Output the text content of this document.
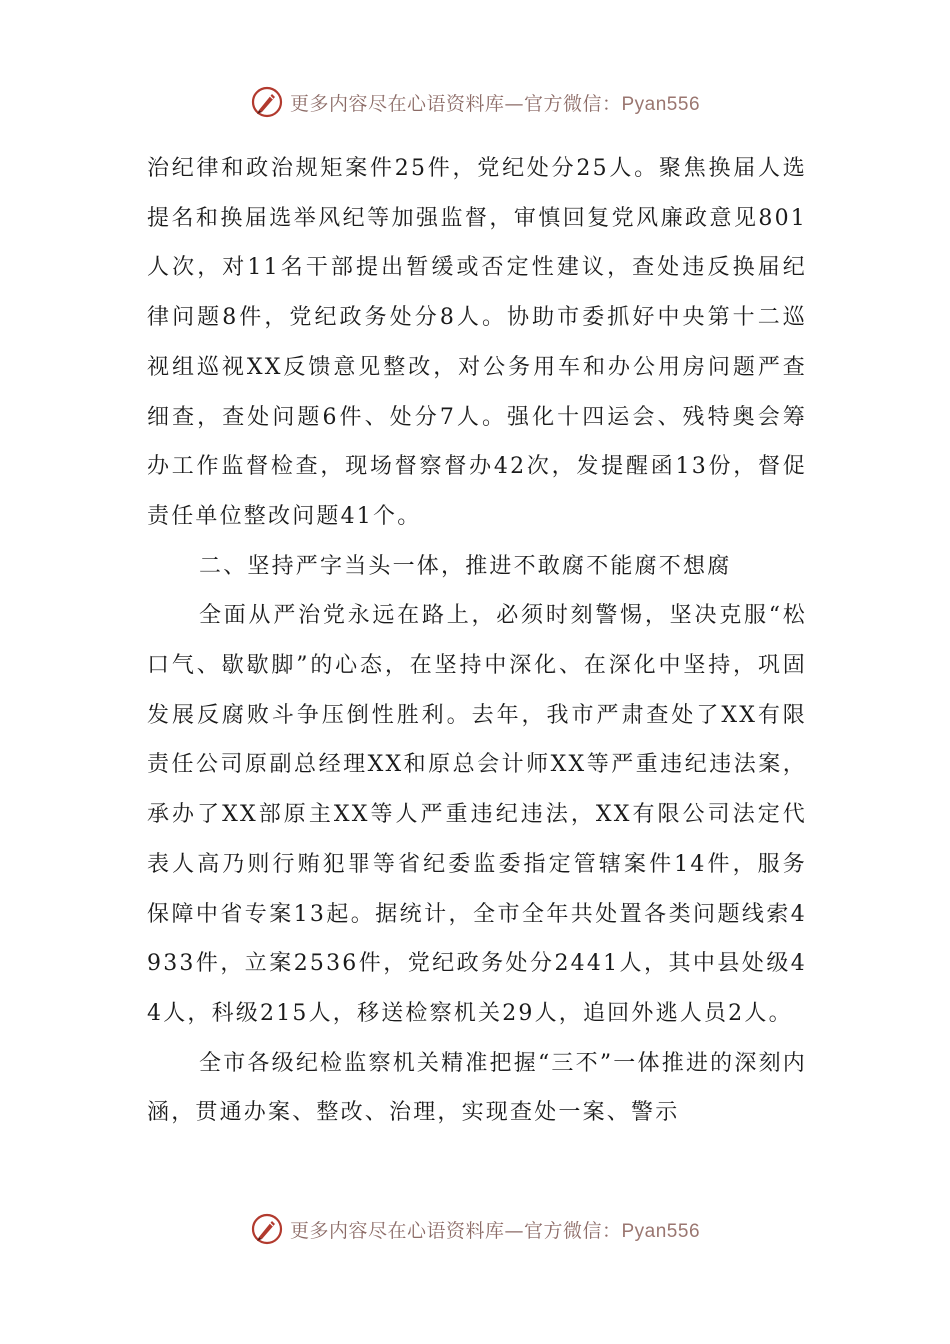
更多内容尽在心语资料库—官方微信：Pyan556

治纪律和政治规矩案件25件，党纪处分25人。聚焦换届人选提名和换届选举风纪等加强监督，审慎回复党风廉政意见801人次，对11名干部提出暂缓或否定性建议，查处违反换届纪律问题8件，党纪政务处分8人。协助市委抓好中央第十二巡视组巡视XX反馈意见整改，对公务用车和办公用房问题严查细查，查处问题6件、处分7人。强化十四运会、残特奥会筹办工作监督检查，现场督察督办42次，发提醒函13份，督促责任单位整改问题41个。

二、坚持严字当头一体，推进不敢腐不能腐不想腐

全面从严治党永远在路上，必须时刻警惕，坚决克服“松口气、歇歇脚”的心态，在坚持中深化、在深化中坚持，巩固发展反腐败斗争压倒性胜利。去年，我市严肃查处了XX有限责任公司原副总经理XX和原总会计师XX等严重违纪违法案，承办了XX部原主XX等人严重违纪违法，XX有限公司法定代表人高乃则行贿犯罪等省纪委监委指定管辖案件14件，服务保障中省专案13起。据统计，全市全年共处置各类问题线索4933件，立案2536件，党纪政务处分2441人，其中县处级44人，科级215人，移送检察机关29人，追回外逃人员2人。

全市各级纪检监察机关精准把握“三不”一体推进的深刻内涵，贯通办案、整改、治理，实现查处一案、警示

更多内容尽在心语资料库—官方微信：Pyan556
